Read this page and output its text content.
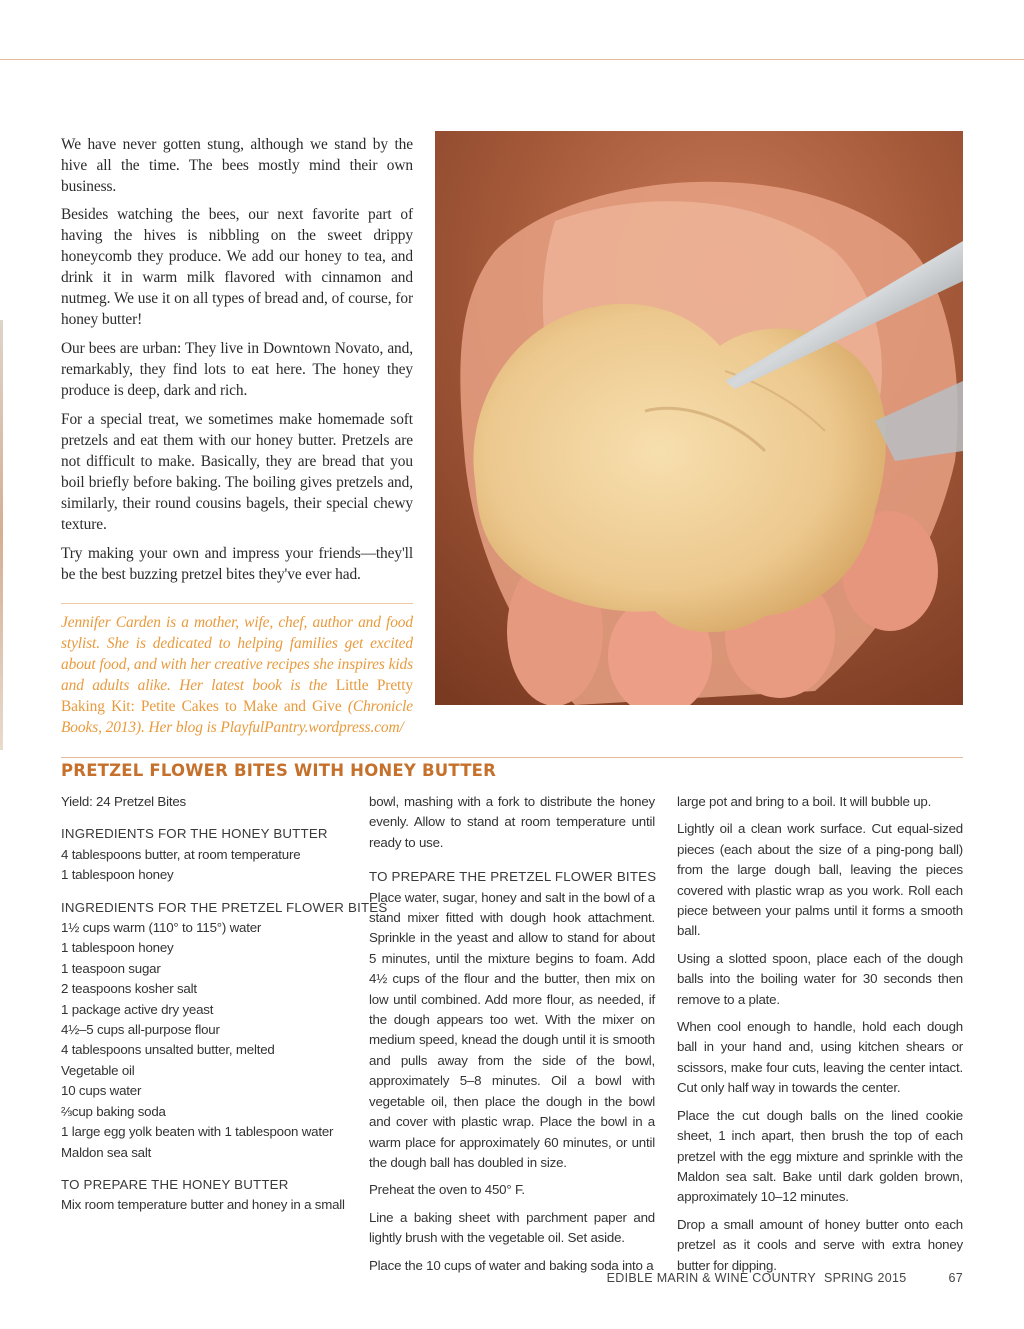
We have never gotten stung, although we stand by the hive all the time. The bees mostly mind their own business.

Besides watching the bees, our next favorite part of having the hives is nibbling on the sweet drippy honeycomb they produce. We add our honey to tea, and drink it in warm milk flavored with cinnamon and nutmeg. We use it on all types of bread and, of course, for honey butter!

Our bees are urban: They live in Downtown Novato, and, remarkably, they find lots to eat here. The honey they produce is deep, dark and rich.

For a special treat, we sometimes make homemade soft pretzels and eat them with our honey butter. Pretzels are not difficult to make. Basically, they are bread that you boil briefly before baking. The boiling gives pretzels and, similarly, their round cousins bagels, their special chewy texture.

Try making your own and impress your friends—they'll be the best buzzing pretzel bites they've ever had.

Jennifer Carden is a mother, wife, chef, author and food stylist. She is dedicated to helping families get excited about food, and with her creative recipes she inspires kids and adults alike. Her latest book is the Little Pretty Baking Kit: Petite Cakes to Make and Give (Chronicle Books, 2013). Her blog is PlayfulPantry.wordpress.com/

PRETZEL FLOWER BITES WITH HONEY BUTTER
Yield: 24 Pretzel Bites
INGREDIENTS FOR THE HONEY BUTTER
4 tablespoons butter, at room temperature
1 tablespoon honey
INGREDIENTS FOR THE PRETZEL FLOWER BITES
1½ cups warm (110° to 115°) water
1 tablespoon honey
1 teaspoon sugar
2 teaspoons kosher salt
1 package active dry yeast
4½–5 cups all-purpose flour
4 tablespoons unsalted butter, melted
Vegetable oil
10 cups water
⅔cup baking soda
1 large egg yolk beaten with 1 tablespoon water
Maldon sea salt
TO PREPARE THE HONEY BUTTER

Mix room temperature butter and honey in a small

bowl, mashing with a fork to distribute the honey evenly. Allow to stand at room temperature until ready to use.

TO PREPARE THE PRETZEL FLOWER BITES

Place water, sugar, honey and salt in the bowl of a stand mixer fitted with dough hook attachment. Sprinkle in the yeast and allow to stand for about 5 minutes, until the mixture begins to foam. Add 4½ cups of the flour and the butter, then mix on low until combined. Add more flour, as needed, if the dough appears too wet. With the mixer on medium speed, knead the dough until it is smooth and pulls away from the side of the bowl, approximately 5–8 minutes. Oil a bowl with vegetable oil, then place the dough in the bowl and cover with plastic wrap. Place the bowl in a warm place for approximately 60 minutes, or until the dough ball has doubled in size.

Preheat the oven to 450° F.

Line a baking sheet with parchment paper and lightly brush with the vegetable oil. Set aside.

Place the 10 cups of water and baking soda into a

large pot and bring to a boil. It will bubble up.

Lightly oil a clean work surface. Cut equal-sized pieces (each about the size of a ping-pong ball) from the large dough ball, leaving the pieces covered with plastic wrap as you work. Roll each piece between your palms until it forms a smooth ball.

Using a slotted spoon, place each of the dough balls into the boiling water for 30 seconds then remove to a plate.

When cool enough to handle, hold each dough ball in your hand and, using kitchen shears or scissors, make four cuts, leaving the center intact. Cut only half way in towards the center.

Place the cut dough balls on the lined cookie sheet, 1 inch apart, then brush the top of each pretzel with the egg mixture and sprinkle with the Maldon sea salt. Bake until dark golden brown, approximately 10–12 minutes.

Drop a small amount of honey butter onto each pretzel as it cools and serve with extra honey butter for dipping.

EDIBLE MARIN & WINE COUNTRY SPRING 2015	67
